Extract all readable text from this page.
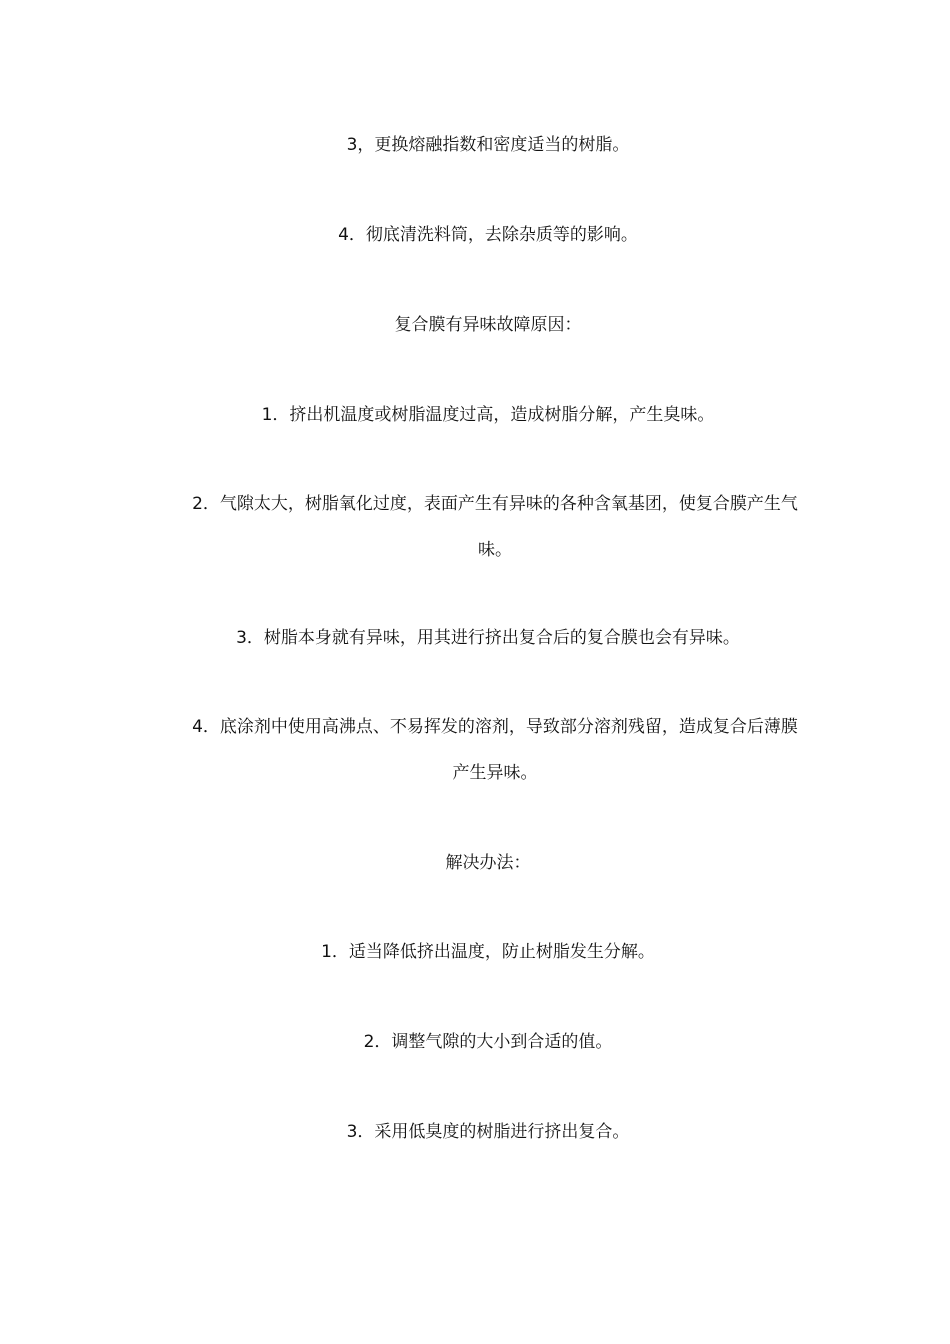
3，更换熔融指数和密度适当的树脂。
4．彻底清洗料筒，去除杂质等的影响。
复合膜有异味故障原因：
1．挤出机温度或树脂温度过高，造成树脂分解，产生臭味。
2．气隙太大，树脂氧化过度，表面产生有异味的各种含氧基团，使复合膜产生气味。
3．树脂本身就有异味，用其进行挤出复合后的复合膜也会有异味。
4．底涂剂中使用高沸点、不易挥发的溶剂，导致部分溶剂残留，造成复合后薄膜产生异味。
解决办法：
1．适当降低挤出温度，防止树脂发生分解。
2．调整气隙的大小到合适的值。
3．采用低臭度的树脂进行挤出复合。
